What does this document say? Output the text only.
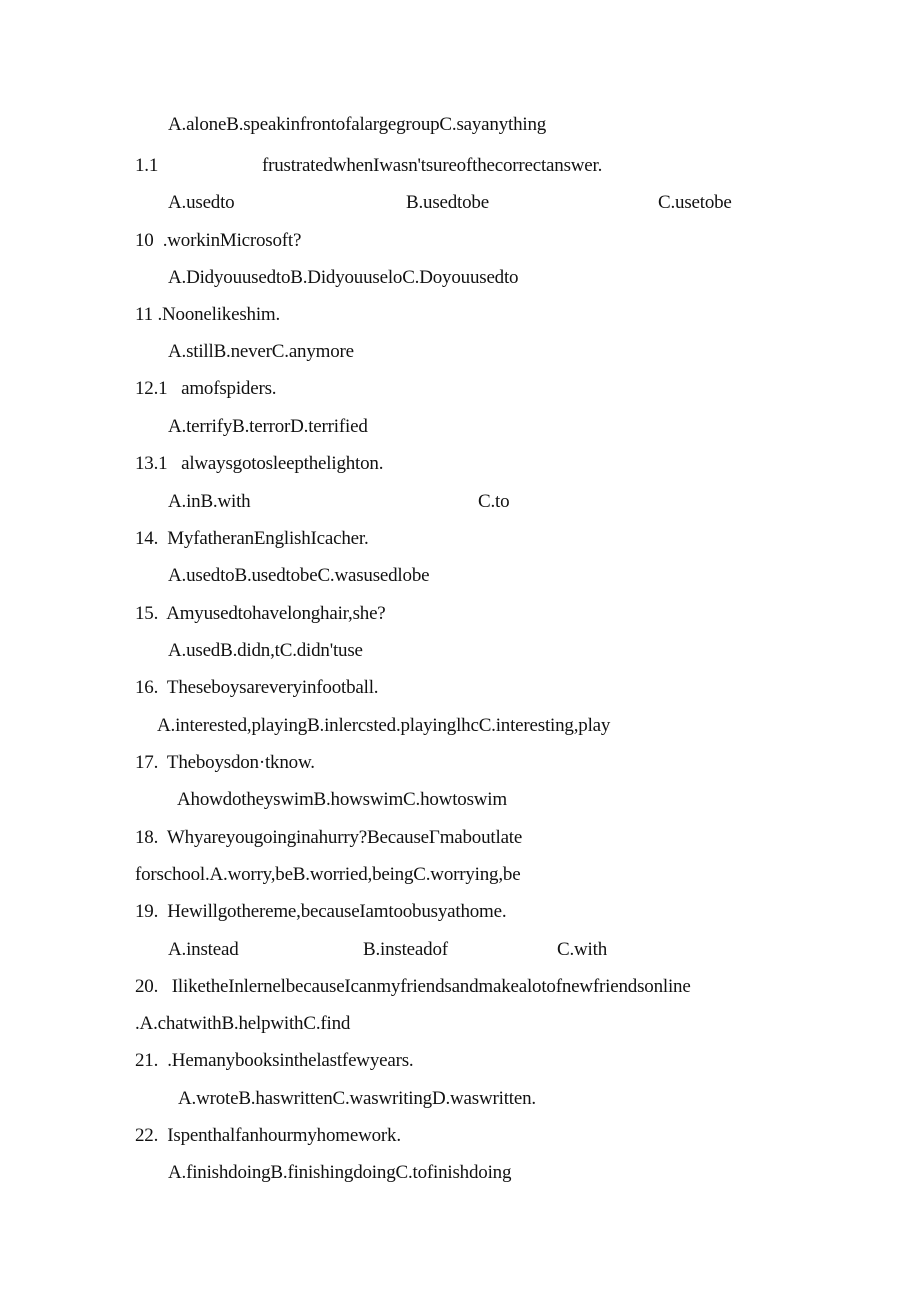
A.aloneB.speakinfrontofalargegroupC.sayanything
1.1	frustratedwhenIwasn'tsureofthecorrectanswer.
A.usedto	B.usedtobe	C.usetobe
10  .workinMicrosoft?
A.DidyouusedtoB.DidyouuseloC.Doyouusedto
11 .Noonelikeshim.
A.stillB.neverC.anymore
12.1   amofspiders.
A.terrifyB.terrorD.terrified
13.1   alwaysgotosleepthelighton.
A.inB.with	C.to
14.  MyfatheranEnglishIcacher.
A.usedtoB.usedtobeC.wasusedlobe
15.  Amyusedtohavelonghair,she?
A.usedB.didn,tC.didn'tuse
16.  Theseboysareveryinfootball.
A.interested,playingB.inlercsted.playinglhcC.interesting,play
17.  Theboysdon·tknow.
AhowdotheyswimB.howswimC.howtoswim
18.  Whyareyougoinginahurry?BecauseΓmaboutlate
forschool.A.worry,beB.worried,beingC.worrying,be
19.  Hewillgothereme,becauseIamtoobusyathome.
A.instead	B.insteadof	C.with
20.   IliketheInlernelbecauseIcanmyfriendsandmakealotofnewfriendsonline
.A.chatwithB.helpwithC.find
21.  .Hemanybooksinthelastfewyears.
A.wroteB.haswrittenC.waswritingD.waswritten.
22.  Ispenthalfanhourmyhomework.
A.finishdoingB.finishingdoingC.tofinishdoing
